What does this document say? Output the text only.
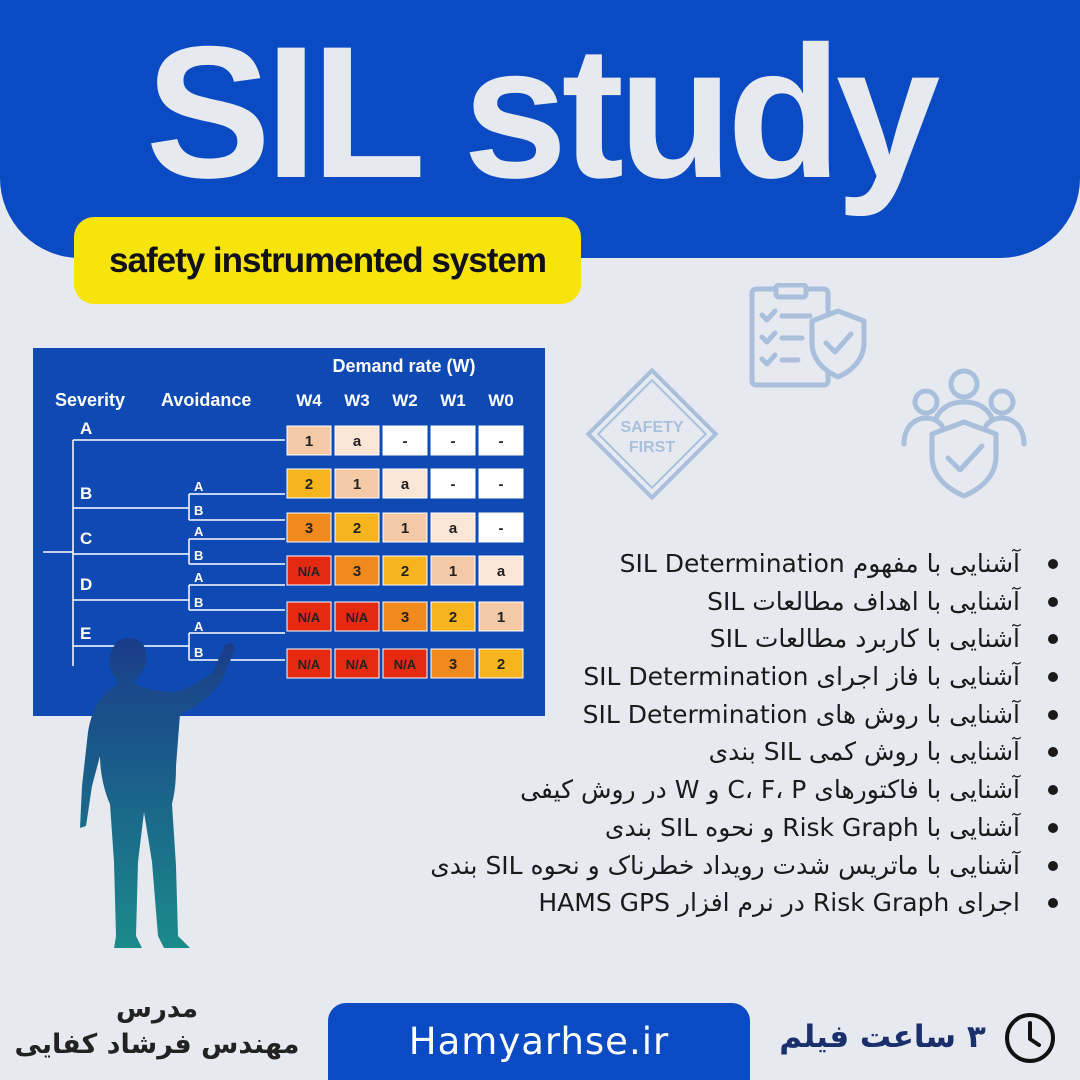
SIL study
safety instrumented system
SAFETY
FIRST
Demand rate (W)
Severity Avoidance	W4 W3 W2 W1 W0
A
B
C
D
E
A
B
A
B
A
B
A
B
1	a	-	-	-
2	1	a	-	-
3	2	1	a	-
N/A 3	2	1	a
N/A N/A 3	2	1
N/A N/A N/A 3	2
آشنایی با مفهوم SIL Determination
آشنایی با اهداف مطالعات SIL
آشنایی با کاربرد مطالعات SIL
آشنایی با فاز اجرای SIL Determination
آشنایی با روش های SIL Determination
آشنایی با روش کمی SIL بندی
آشنایی با فاکتورهای C، F، P و W در روش کیفی
آشنایی با Risk Graph و نحوه SIL بندی
آشنایی با ماتریس شدت رویداد خطرناک و نحوه SIL بندی
اجرای Risk Graph در نرم افزار HAMS GPS
مدرس
مهندس فرشاد کفایی	Hamyarhse.ir	۳ ساعت فیلم
